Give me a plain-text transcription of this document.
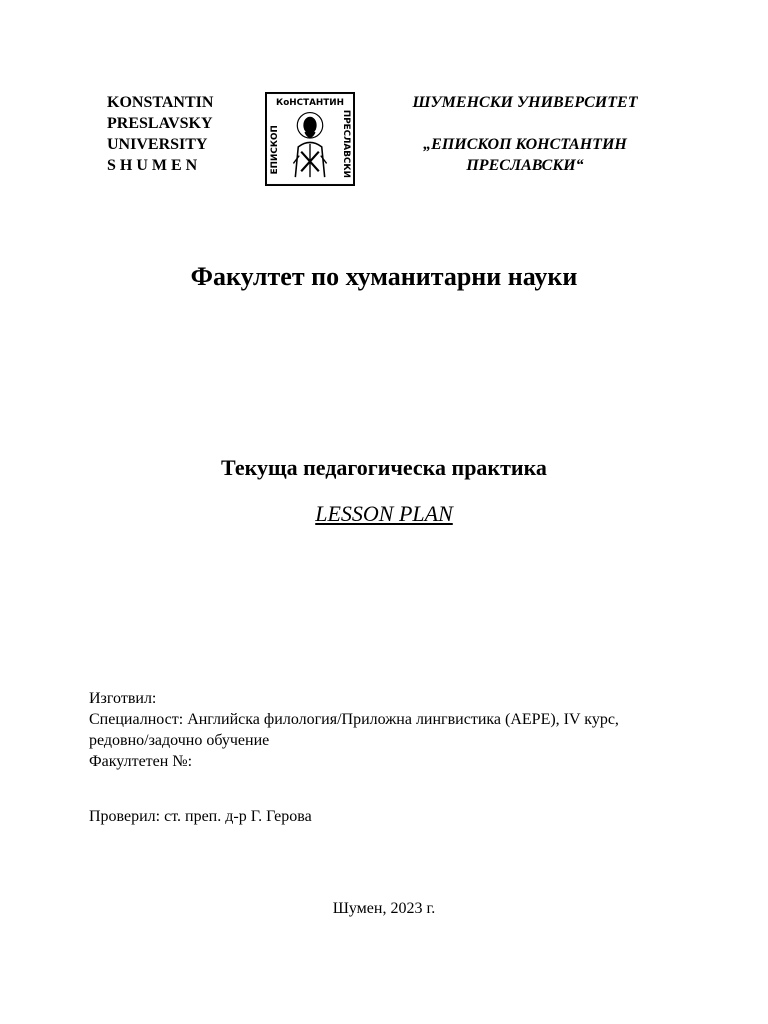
KONSTANTIN
PRESLAVSKY
UNIVERSITY
S H U M E N
КоНСТАНТИН
ЕПИСКОП	ПРЕСЛАВСКИ
ШУМЕНСКИ УНИВЕРСИТЕТ
„ЕПИСКОП КОНСТАНТИН
ПРЕСЛАВСКИ“
Факултет по хуманитарни науки
Текуща педагогическа практика
LESSON PLAN
Изготвил:
Специалност: Английска филология/Приложна лингвистика (AEPE), IV курс,
редовно/задочно обучение
Факултетен №:
Проверил: ст. преп. д-р Г. Герова
Шумен, 2023 г.
